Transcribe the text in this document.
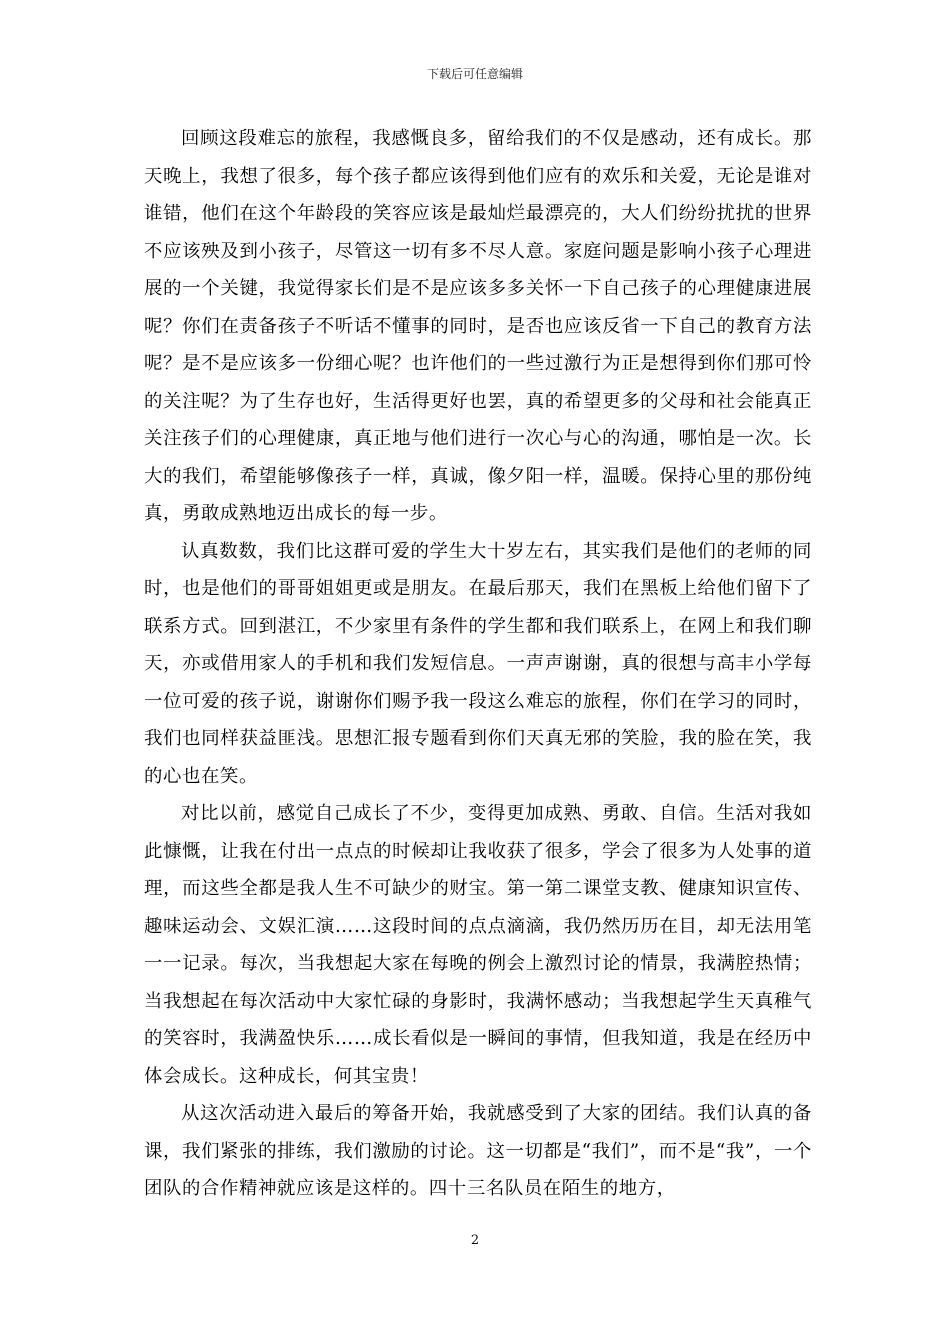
下载后可任意编辑

回顾这段难忘的旅程，我感慨良多，留给我们的不仅是感动，还有成长。那天晚上，我想了很多，每个孩子都应该得到他们应有的欢乐和关爱，无论是谁对谁错，他们在这个年龄段的笑容应该是最灿烂最漂亮的，大人们纷纷扰扰的世界不应该殃及到小孩子，尽管这一切有多不尽人意。家庭问题是影响小孩子心理进展的一个关键，我觉得家长们是不是应该多多关怀一下自己孩子的心理健康进展呢？你们在责备孩子不听话不懂事的同时，是否也应该反省一下自己的教育方法呢？是不是应该多一份细心呢？也许他们的一些过激行为正是想得到你们那可怜的关注呢？为了生存也好，生活得更好也罢，真的希望更多的父母和社会能真正关注孩子们的心理健康，真正地与他们进行一次心与心的沟通，哪怕是一次。长大的我们，希望能够像孩子一样，真诚，像夕阳一样，温暖。保持心里的那份纯真，勇敢成熟地迈出成长的每一步。

认真数数，我们比这群可爱的学生大十岁左右，其实我们是他们的老师的同时，也是他们的哥哥姐姐更或是朋友。在最后那天，我们在黑板上给他们留下了联系方式。回到湛江，不少家里有条件的学生都和我们联系上，在网上和我们聊天，亦或借用家人的手机和我们发短信息。一声声谢谢，真的很想与高丰小学每一位可爱的孩子说，谢谢你们赐予我一段这么难忘的旅程，你们在学习的同时，我们也同样获益匪浅。思想汇报专题看到你们天真无邪的笑脸，我的脸在笑，我的心也在笑。

对比以前，感觉自己成长了不少，变得更加成熟、勇敢、自信。生活对我如此慷慨，让我在付出一点点的时候却让我收获了很多，学会了很多为人处事的道理，而这些全都是我人生不可缺少的财宝。第一第二课堂支教、健康知识宣传、趣味运动会、文娱汇演……这段时间的点点滴滴，我仍然历历在目，却无法用笔一一记录。每次，当我想起大家在每晚的例会上激烈讨论的情景，我满腔热情；当我想起在每次活动中大家忙碌的身影时，我满怀感动；当我想起学生天真稚气的笑容时，我满盈快乐……成长看似是一瞬间的事情，但我知道，我是在经历中体会成长。这种成长，何其宝贵！

从这次活动进入最后的筹备开始，我就感受到了大家的团结。我们认真的备课，我们紧张的排练，我们激励的讨论。这一切都是“我们”，而不是“我”，一个团队的合作精神就应该是这样的。四十三名队员在陌生的地方，

2
